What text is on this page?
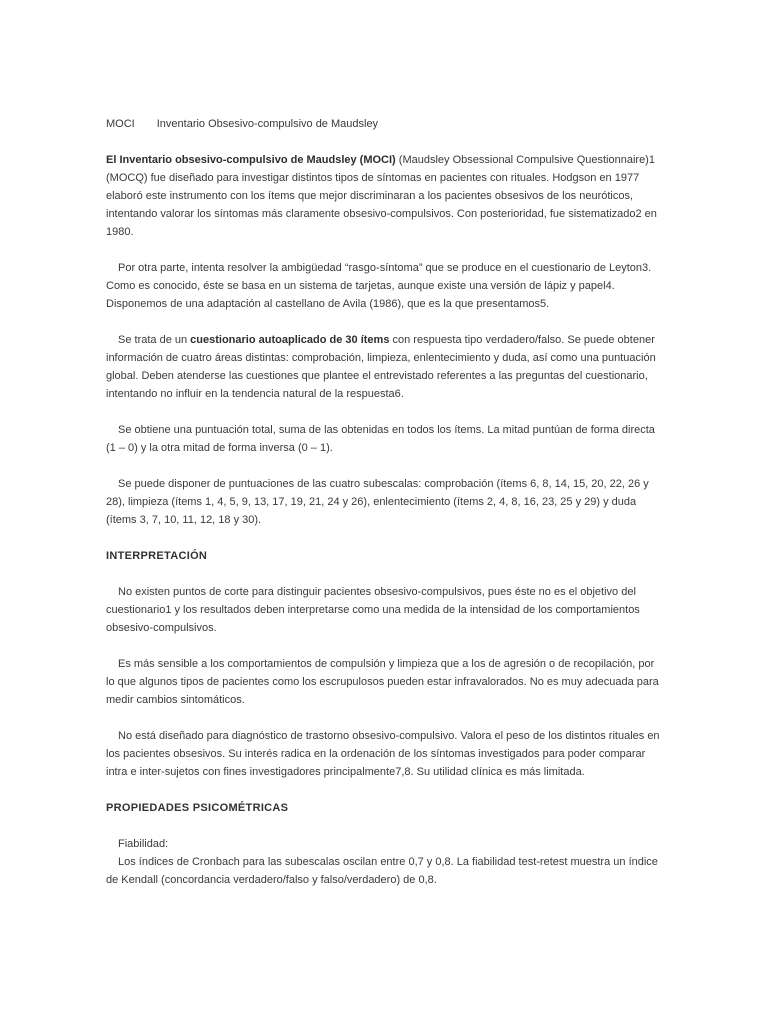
MOCI Inventario Obsesivo-compulsivo de Maudsley

El Inventario obsesivo-compulsivo de Maudsley (MOCI) (Maudsley Obsessional Compulsive Questionnaire)1 (MOCQ) fue diseñado para investigar distintos tipos de síntomas en pacientes con rituales. Hodgson en 1977 elaboró este instrumento con los ítems que mejor discriminaran a los pacientes obsesivos de los neuróticos, intentando valorar los síntomas más claramente obsesivo-compulsivos. Con posterioridad, fue sistematizado2 en 1980.

Por otra parte, intenta resolver la ambigüedad “rasgo-síntoma” que se produce en el cuestionario de Leyton3. Como es conocido, éste se basa en un sistema de tarjetas, aunque existe una versión de lápiz y papel4. Disponemos de una adaptación al castellano de Avila (1986), que es la que presentamos5.

Se trata de un cuestionario autoaplicado de 30 ítems con respuesta tipo verdadero/falso. Se puede obtener información de cuatro áreas distintas: comprobación, limpieza, enlentecimiento y duda, así como una puntuación global. Deben atenderse las cuestiones que plantee el entrevistado referentes a las preguntas del cuestionario, intentando no influir en la tendencia natural de la respuesta6.

Se obtiene una puntuación total, suma de las obtenidas en todos los ítems. La mitad puntúan de forma directa (1 – 0) y la otra mitad de forma inversa (0 – 1).

Se puede disponer de puntuaciones de las cuatro subescalas: comprobación (ítems 6, 8, 14, 15, 20, 22, 26 y 28), limpieza (ítems 1, 4, 5, 9, 13, 17, 19, 21, 24 y 26), enlentecimiento (ítems 2, 4, 8, 16, 23, 25 y 29) y duda (ítems 3, 7, 10, 11, 12, 18 y 30).

INTERPRETACIÓN

No existen puntos de corte para distinguir pacientes obsesivo-compulsivos, pues éste no es el objetivo del cuestionario1 y los resultados deben interpretarse como una medida de la intensidad de los comportamientos obsesivo-compulsivos.

Es más sensible a los comportamientos de compulsión y limpieza que a los de agresión o de recopilación, por lo que algunos tipos de pacientes como los escrupulosos pueden estar infravalorados. No es muy adecuada para medir cambios sintomáticos.

No está diseñado para diagnóstico de trastorno obsesivo-compulsivo. Valora el peso de los distintos rituales en los pacientes obsesivos. Su interés radica en la ordenación de los síntomas investigados para poder comparar intra e inter-sujetos con fines investigadores principalmente7,8. Su utilidad clínica es más limitada.

PROPIEDADES PSICOMÉTRICAS
Fiabilidad:
Los índices de Cronbach para las subescalas oscilan entre 0,7 y 0,8. La fiabilidad test-retest muestra un índice de Kendall (concordancia verdadero/falso y falso/verdadero) de 0,8.
